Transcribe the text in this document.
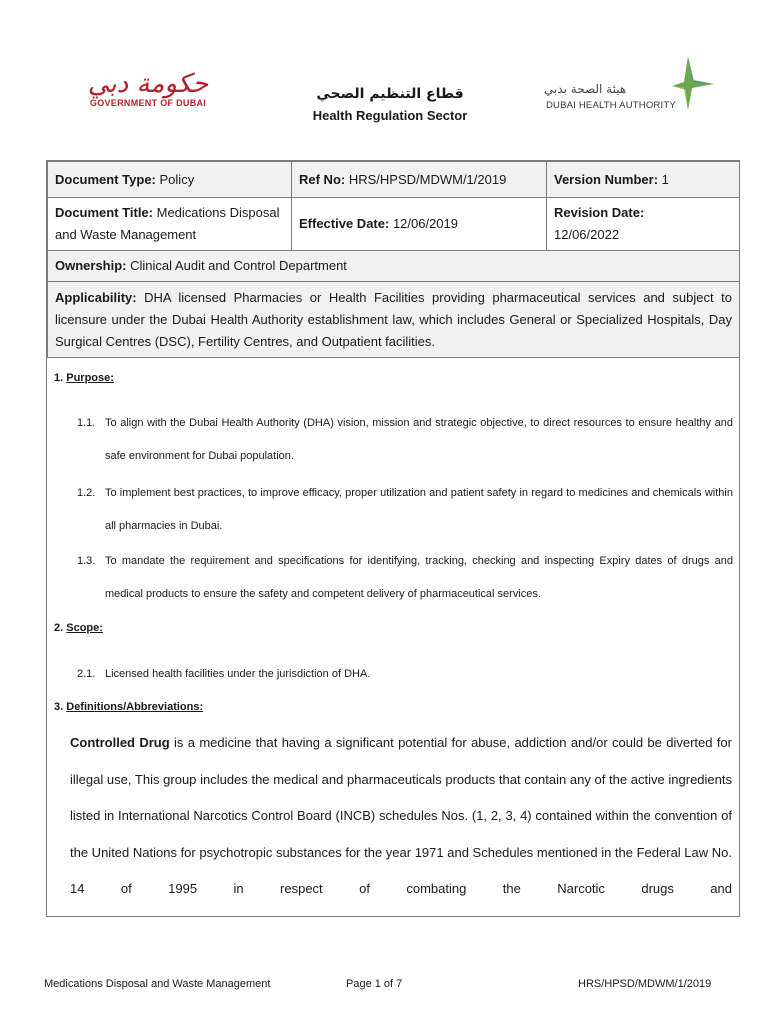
حكومة دبي
GOVERNMENT OF DUBAI
قطاع التنظيم الصحي
Health Regulation Sector
هيئة الصحة بدبي
DUBAI HEALTH AUTHORITY
Document Type: Policy	Ref No: HRS/HPSD/MDWM/1/2019	Version Number: 1
Document Title: Medications Disposal and Waste Management	Effective Date: 12/06/2019	Revision Date:
12/06/2022
Ownership: Clinical Audit and Control Department		
Applicability: DHA licensed Pharmacies or Health Facilities providing pharmaceutical services and subject to licensure under the Dubai Health Authority establishment law, which includes General or Specialized Hospitals, Day Surgical Centres (DSC), Fertility Centres, and Outpatient facilities.		
1. Purpose:
1.1. To align with the Dubai Health Authority (DHA) vision, mission and strategic objective, to direct resources to ensure healthy and safe environment for Dubai population.
1.2. To implement best practices, to improve efficacy, proper utilization and patient safety in regard to medicines and chemicals within all pharmacies in Dubai.
1.3. To mandate the requirement and specifications for identifying, tracking, checking and inspecting Expiry dates of drugs and medical products to ensure the safety and competent delivery of pharmaceutical services.
2. Scope:
2.1. Licensed health facilities under the jurisdiction of DHA.
3. Definitions/Abbreviations:
Controlled Drug is a medicine that having a significant potential for abuse, addiction and/or could be diverted for illegal use, This group includes the medical and pharmaceuticals products that contain any of the active ingredients listed in International Narcotics Control Board (INCB) schedules Nos. (1, 2, 3, 4) contained within the convention of the United Nations for psychotropic substances for the year 1971 and Schedules mentioned in the Federal Law No. 14 of 1995 in respect of combating the Narcotic drugs and
Medications Disposal and Waste Management	Page 1 of 7	HRS/HPSD/MDWM/1/2019
